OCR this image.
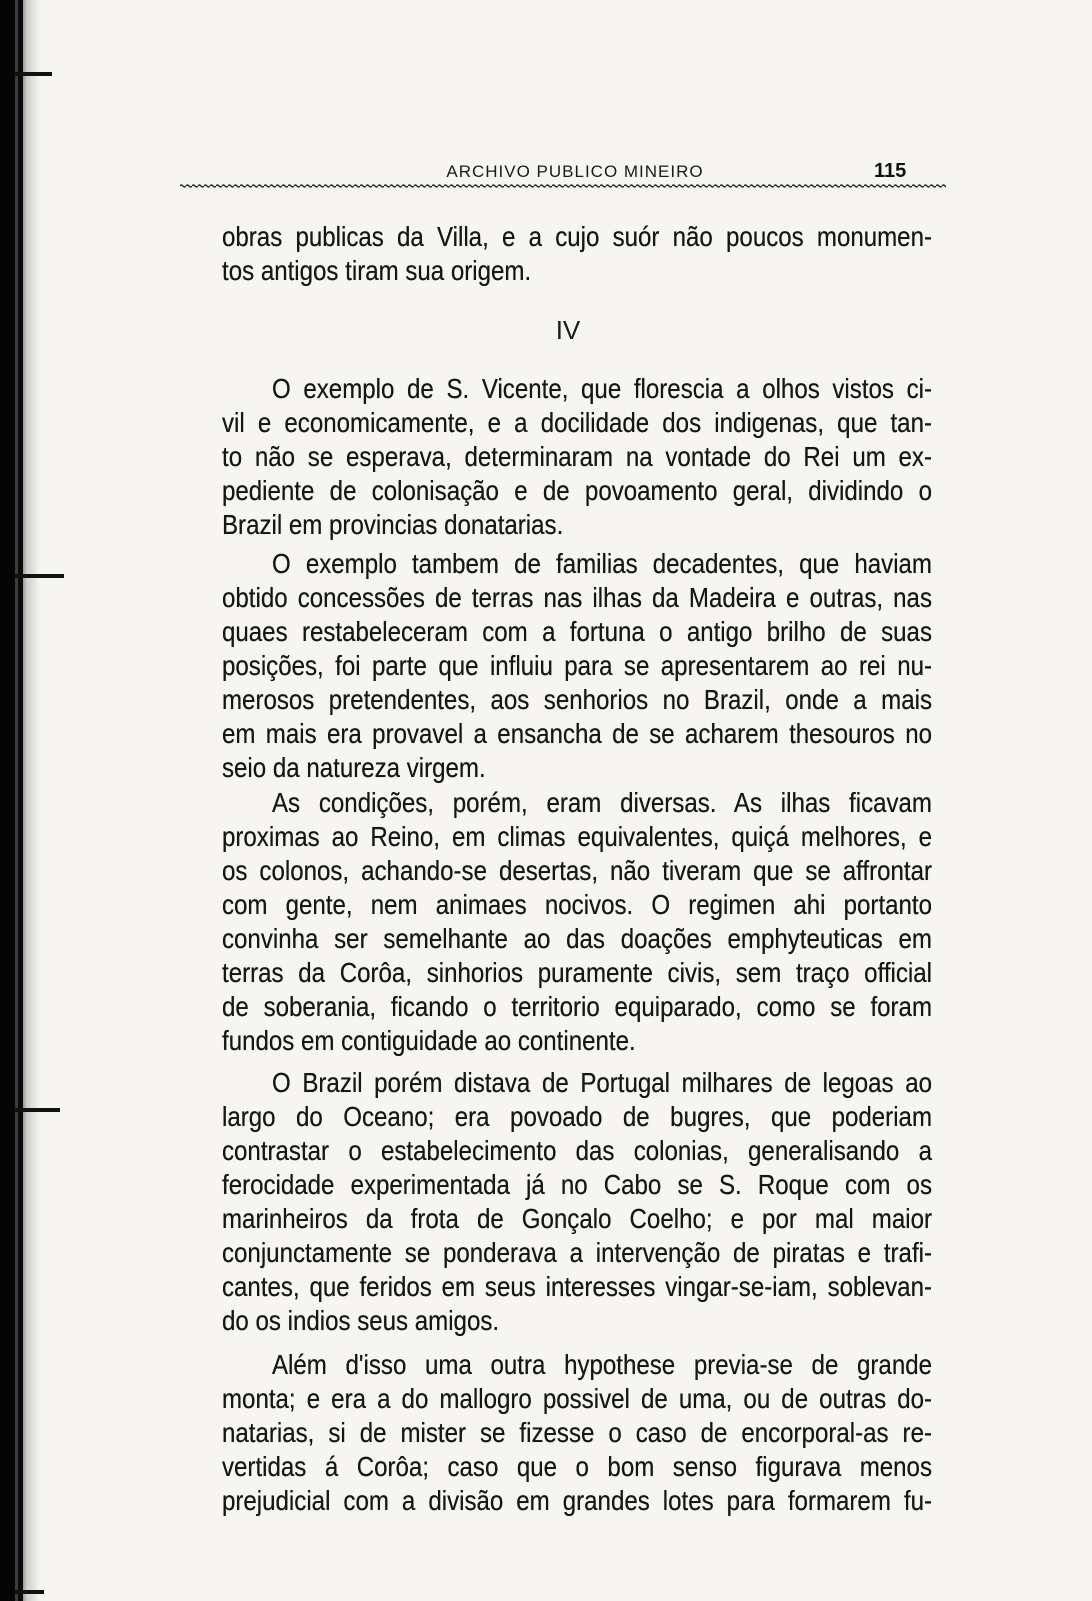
ARCHIVO PUBLICO MINEIRO	115
obras publicas da Villa, e a cujo suór não poucos monumen-
tos antigos tiram sua origem.
IV
O exemplo de S. Vicente, que florescia a olhos vistos ci-
vil e economicamente, e a docilidade dos indigenas, que tan-
to não se esperava, determinaram na vontade do Rei um ex-
pediente de colonisação e de povoamento geral, dividindo o
Brazil em provincias donatarias.
O exemplo tambem de familias decadentes, que haviam
obtido concessões de terras nas ilhas da Madeira e outras, nas
quaes restabeleceram com a fortuna o antigo brilho de suas
posições, foi parte que influiu para se apresentarem ao rei nu-
merosos pretendentes, aos senhorios no Brazil, onde a mais
em mais era provavel a ensancha de se acharem thesouros no
seio da natureza virgem.
As condições, porém, eram diversas. As ilhas ficavam
proximas ao Reino, em climas equivalentes, quiçá melhores, e
os colonos, achando-se desertas, não tiveram que se affrontar
com gente, nem animaes nocivos. O regimen ahi portanto
convinha ser semelhante ao das doações emphyteuticas em
terras da Corôa, sinhorios puramente civis, sem traço official
de soberania, ficando o territorio equiparado, como se foram
fundos em contiguidade ao continente.
O Brazil porém distava de Portugal milhares de legoas ao
largo do Oceano; era povoado de bugres, que poderiam
contrastar o estabelecimento das colonias, generalisando a
ferocidade experimentada já no Cabo se S. Roque com os
marinheiros da frota de Gonçalo Coelho; e por mal maior
conjunctamente se ponderava a intervenção de piratas e trafi-
cantes, que feridos em seus interesses vingar-se-iam, soblevan-
do os indios seus amigos.
Além d'isso uma outra hypothese previa-se de grande
monta; e era a do mallogro possivel de uma, ou de outras do-
natarias, si de mister se fizesse o caso de encorporal-as re-
vertidas á Corôa; caso que o bom senso figurava menos
prejudicial com a divisão em grandes lotes para formarem fu-
